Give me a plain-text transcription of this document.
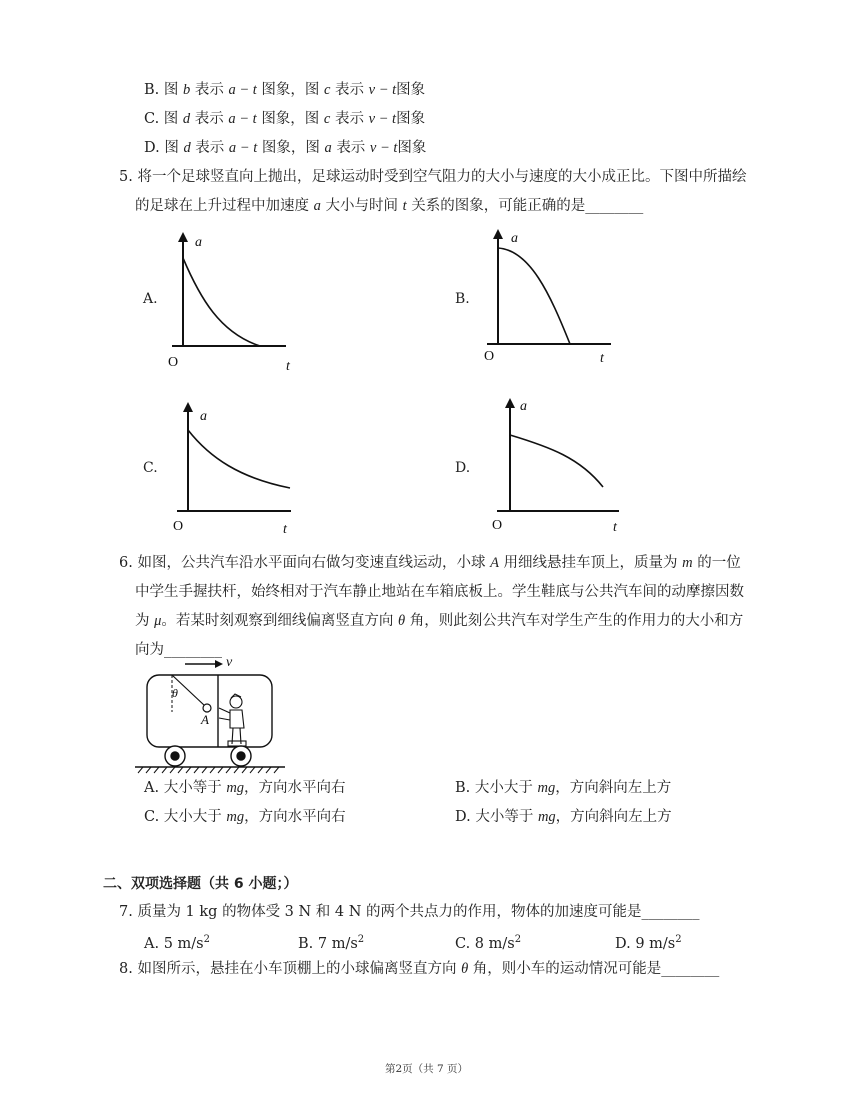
B. 图 b 表示 a − t 图象，图 c 表示 v − t图象
C. 图 d 表示 a − t 图象，图 c 表示 v − t图象
D. 图 d 表示 a − t 图象，图 a 表示 v − t图象
5. 将一个足球竖直向上抛出，足球运动时受到空气阻力的大小与速度的大小成正比。下图中所描绘
的足球在上升过程中加速度 a 大小与时间 t 关系的图象，可能正确的是________
A.
a
t
O
B.
a
t
O
C.
a
t
O
D.
a
t
O
6. 如图，公共汽车沿水平面向右做匀变速直线运动，小球 A 用细线悬挂车顶上，质量为 m 的一位
中学生手握扶杆，始终相对于汽车静止地站在车箱底板上。学生鞋底与公共汽车间的动摩擦因数
为 μ。若某时刻观察到细线偏离竖直方向 θ 角，则此刻公共汽车对学生产生的作用力的大小和方
向为________
v
θ
A
A. 大小等于 mg，方向水平向右	B. 大小大于 mg，方向斜向左上方
C. 大小大于 mg，方向水平向右	D. 大小等于 mg，方向斜向左上方
二、双项选择题（共 6 小题；）
7. 质量为 1 kg 的物体受 3 N 和 4 N 的两个共点力的作用，物体的加速度可能是________
A. 5 $m/s^2$	B. 7 $m/s^2$	C. 8 $m/s^2$	D. 9 $m/s^2$
8. 如图所示，悬挂在小车顶棚上的小球偏离竖直方向 θ 角，则小车的运动情况可能是________
第2页（共 7 页）
